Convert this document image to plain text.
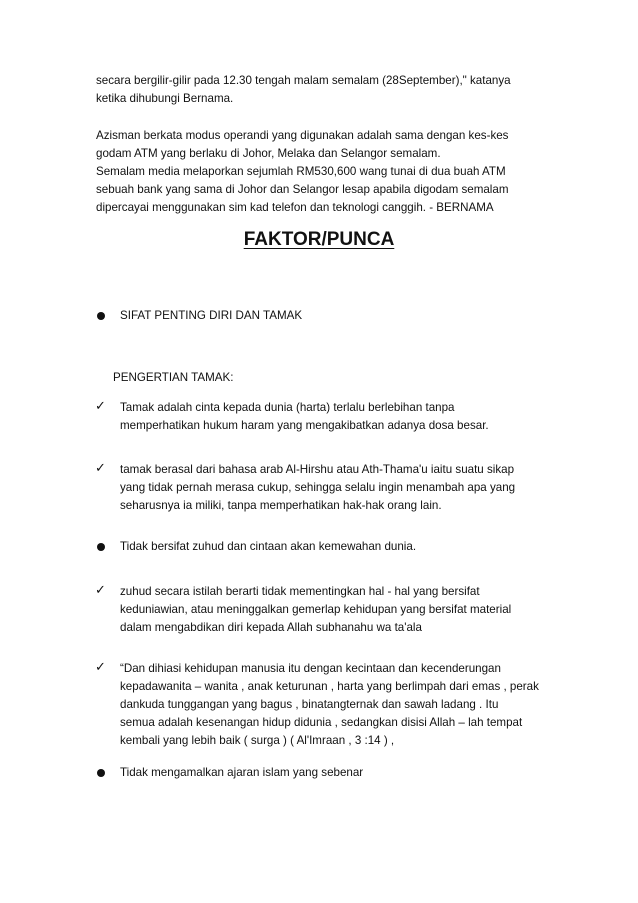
secara bergilir-gilir pada 12.30 tengah malam semalam (28September)," katanya
ketika dihubungi Bernama.

Azisman berkata modus operandi yang digunakan adalah sama dengan kes-kes
godam ATM yang berlaku di Johor, Melaka dan Selangor semalam.

Semalam media melaporkan sejumlah RM530,600 wang tunai di dua buah ATM
sebuah bank yang sama di Johor dan Selangor lesap apabila digodam semalam
dipercayai menggunakan sim kad telefon dan teknologi canggih. - BERNAMA

FAKTOR/PUNCA

SIFAT PENTING DIRI DAN TAMAK

PENGERTIAN TAMAK:

✓ Tamak adalah cinta kepada dunia (harta) terlalu berlebihan tanpa
memperhatikan hukum haram yang mengakibatkan adanya dosa besar.

✓ tamak berasal dari bahasa arab Al-Hirshu atau Ath-Thama'u iaitu suatu sikap
yang tidak pernah merasa cukup, sehingga selalu ingin menambah apa yang
seharusnya ia miliki, tanpa memperhatikan hak-hak orang lain.

Tidak bersifat zuhud dan cintaan akan kemewahan dunia.

✓ zuhud secara istilah berarti tidak mementingkan hal - hal yang bersifat
keduniawian, atau meninggalkan gemerlap kehidupan yang bersifat material
dalam mengabdikan diri kepada Allah subhanahu wa ta'ala

✓ “Dan dihiasi kehidupan manusia itu dengan kecintaan dan kecenderungan
kepadawanita – wanita , anak keturunan , harta yang berlimpah dari emas , perak
dankuda tunggangan yang bagus , binatangternak dan sawah ladang . Itu
semua adalah kesenangan hidup didunia , sedangkan disisi Allah – lah tempat
kembali yang lebih baik ( surga ) ( Al'Imraan , 3 :14 ) ,

Tidak mengamalkan ajaran islam yang sebenar
